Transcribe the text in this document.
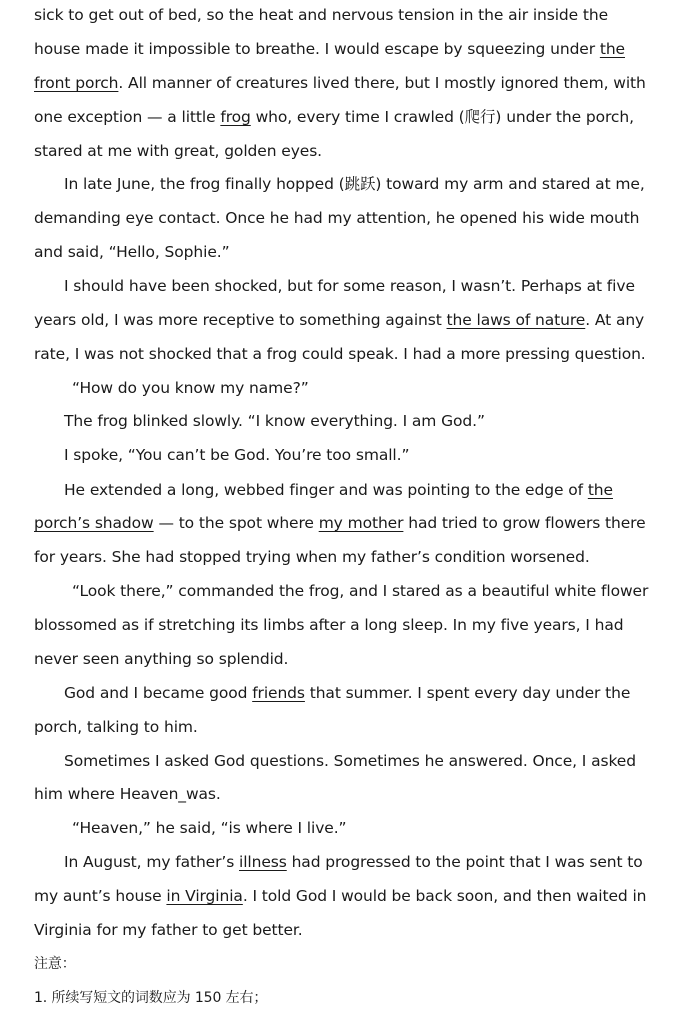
sick to get out of bed, so the heat and nervous tension in the air inside the
house made it impossible to breathe. I would escape by squeezing under the
front porch. All manner of creatures lived there, but I mostly ignored them, with
one exception — a little frog who, every time I crawled (爬行) under the porch,
stared at me with great, golden eyes.
In late June, the frog finally hopped (跳跃) toward my arm and stared at me,
demanding eye contact. Once he had my attention, he opened his wide mouth
and said, “Hello, Sophie.”
I should have been shocked, but for some reason, I wasn’t. Perhaps at five
years old, I was more receptive to something against the laws of nature. At any
rate, I was not shocked that a frog could speak. I had a more pressing question.
“How do you know my name?”
The frog blinked slowly. “I know everything. I am God.”
I spoke, “You can’t be God. You’re too small.”
He extended a long, webbed finger and was pointing to the edge of the
porch’s shadow — to the spot where my mother had tried to grow flowers there
for years. She had stopped trying when my father’s condition worsened.
“Look there,” commanded the frog, and I stared as a beautiful white flower
blossomed as if stretching its limbs after a long sleep. In my five years, I had
never seen anything so splendid.
God and I became good friends that summer. I spent every day under the
porch, talking to him.
Sometimes I asked God questions. Sometimes he answered. Once, I asked
him where Heaven_was.
“Heaven,” he said, “is where I live.”
In August, my father’s illness had progressed to the point that I was sent to
my aunt’s house in Virginia. I told God I would be back soon, and then waited in
Virginia for my father to get better.
注意：
1. 所续写短文的词数应为 150 左右；
